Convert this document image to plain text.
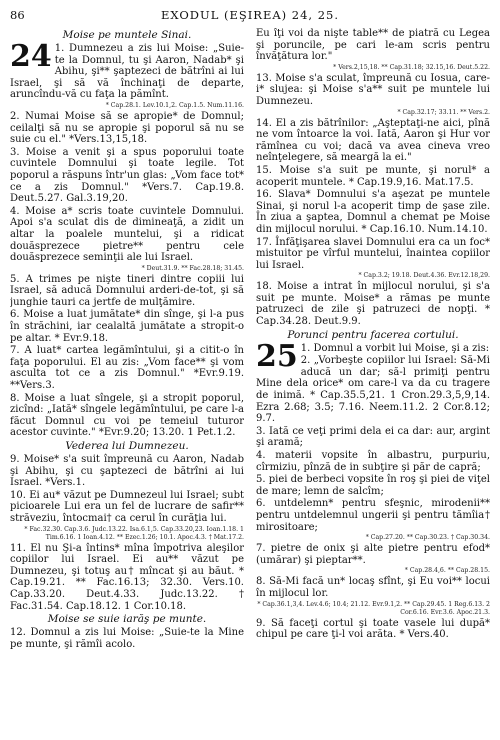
86	EXODUL (EŞIREA) 24, 25.

Moise pe muntele Sinai.

24 1. Dumnezeu a zis lui Moise: „Suie-te la Domnul, tu şi Aaron, Nadab* şi Abihu, şi** şaptezeci de bătrîni ai lui Israel, şi să vă închinaţi de departe, aruncîndu-vă cu faţa la pămînt.

* Cap.28.1. Lev.10.1,2. Cap.1.5. Num.11.16.

2. Numai Moise să se apropie* de Domnul; ceilalţi să nu se apropie şi poporul să nu se suie cu el." *Vers.13,15,18.

3. Moise a venit şi a spus poporului toate cuvintele Domnului şi toate legile. Tot poporul a răspuns într'un glas: „Vom face tot* ce a zis Domnul." *Vers.7. Cap.19.8. Deut.5.27. Gal.3.19,20.

4. Moise a* scris toate cuvintele Domnului. Apoi s'a sculat dis de dimineaţă, a zidit un altar la poalele muntelui, şi a ridicat douăsprezece pietre** pentru cele douăsprezece seminţii ale lui Israel.

* Deut.31.9. ** Fac.28.18; 31.45.

5. A trimes pe nişte tineri dintre copiii lui Israel, să aducă Domnului arderi-de-tot, şi să junghie tauri ca jertfe de mulţămire.

6. Moise a luat jumătate* din sînge, şi l-a pus în străchini, iar cealaltă jumătate a stropit-o pe altar. * Evr.9.18.

7. A luat* cartea legămîntului, şi a citit-o în faţa poporului. El au zis: „Vom face** şi vom asculta tot ce a zis Domnul." *Evr.9.19. **Vers.3.

8. Moise a luat sîngele, şi a stropit poporul, zicînd: „Iată* sîngele legămîntului, pe care l-a făcut Domnul cu voi pe temeiul tuturor acestor cuvinte." *Evr.9.20; 13.20. 1 Pet.1.2.

Vederea lui Dumnezeu.

9. Moise* s'a suit împreună cu Aaron, Nadab şi Abihu, şi cu şaptezeci de bătrîni ai lui Israel. *Vers.1.

10. Ei au* văzut pe Dumnezeul lui Israel; subt picioarele Lui era un fel de lucrare de safir** străveziu, întocmai† ca cerul în curăţia lui.

* Fac.32.30. Cap.3.6. Judc.13.22. Isa.6.1,5. Cap.33.20,23. Ioan.1.18. 1 Tim.6.16. 1 Ioan.4.12. ** Ezec.1.26; 10.1. Apoc.4.3. † Mat.17.2.

11. El nu Şi-a întins* mîna împotriva aleşilor copiilor lui Israel. Ei au** văzut pe Dumnezeu, şi totuş au† mîncat şi au băut. * Cap.19.21. ** Fac.16.13; 32.30. Vers.10. Cap.33.20. Deut.4.33. Judc.13.22. † Fac.31.54. Cap.18.12. 1 Cor.10.18.

Moise se suie iarăş pe munte.

12. Domnul a zis lui Moise: „Suie-te la Mine pe munte, şi rămîi acolo.

Eu îţi voi da nişte table** de piatră cu Legea şi poruncile, pe cari le-am scris pentru învăţătura lor."

* Vers.2,15,18. ** Cap.31.18; 32.15,16. Deut.5.22.

13. Moise s'a sculat, împreună cu Iosua, care-i* slujea: şi Moise s'a** suit pe muntele lui Dumnezeu.

* Cap.32.17; 33.11. ** Vers.2.

14. El a zis bătrînilor: „Aşteptaţi-ne aici, pînă ne vom întoarce la voi. Iată, Aaron şi Hur vor rămînea cu voi; dacă va avea cineva vreo neînţelegere, să meargă la ei."

15. Moise s'a suit pe munte, şi norul* a acoperit muntele. * Cap.19.9,16. Mat.17.5.

16. Slava* Domnului s'a aşezat pe muntele Sinai, şi norul l-a acoperit timp de şase zile. În ziua a şaptea, Domnul a chemat pe Moise din mijlocul norului. * Cap.16.10. Num.14.10.

17. Înfăţişarea slavei Domnului era ca un foc* mistuitor pe vîrful muntelui, înaintea copiilor lui Israel.

* Cap.3.2; 19.18. Deut.4.36. Evr.12.18,29.

18. Moise a intrat în mijlocul norului, şi s'a suit pe munte. Moise* a rămas pe munte patruzeci de zile şi patruzeci de nopţi. * Cap.34.28. Deut.9.9.

Porunci pentru facerea cortului.

25 1. Domnul a vorbit lui Moise, şi a zis:

2. „Vorbeşte copiilor lui Israel: Să-Mi aducă un dar; să-l primiţi pentru Mine dela orice* om care-l va da cu tragere de inimă. * Cap.35.5,21. 1 Cron.29.3,5,9,14. Ezra 2.68; 3.5; 7.16. Neem.11.2. 2 Cor.8.12; 9.7.

3. Iată ce veţi primi dela ei ca dar: aur, argint şi aramă;

4. materii vopsite în albastru, purpuriu, cîrmiziu, pînză de in subţire şi păr de capră;

5. piei de berbeci vopsite în roş şi piei de viţel de mare; lemn de salcîm;

6. untdelemn* pentru sfeşnic, mirodenii** pentru untdelemnul ungerii şi pentru tămîia† mirositoare;

* Cap.27.20. ** Cap.30.23. † Cap.30.34.

7. pietre de onix şi alte pietre pentru efod* (umărar) şi pieptar**.

* Cap.28.4,6. ** Cap.28.15.

8. Să-Mi facă un* locaş sfînt, şi Eu voi** locui în mijlocul lor.

* Cap.36.1,3,4. Lev.4.6; 10.4; 21.12. Evr.9.1,2. ** Cap.29.45. 1 Reg.6.13. 2 Cor.6.16. Evr.3.6. Apoc.21.3.

9. Să faceţi cortul şi toate vasele lui după* chipul pe care ţi-l voi arăta. * Vers.40.
